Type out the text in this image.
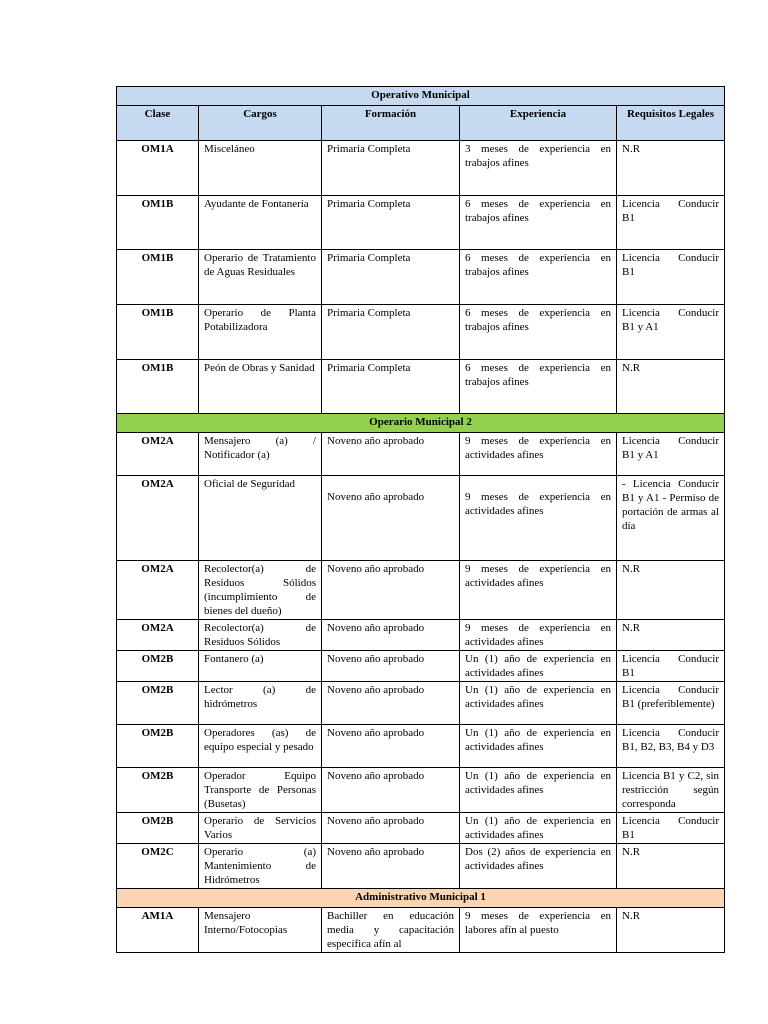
Operativo Municipal				
Clase	Cargos	Formación	Experiencia	Requisitos Legales
OM1A	Misceláneo	Primaria Completa	3 meses de experiencia en trabajos afines	N.R
OM1B	Ayudante de Fontanería	Primaria Completa	6 meses de experiencia en trabajos afines	Licencia Conducir B1
OM1B	Operario de Tratamiento de Aguas Residuales	Primaria Completa	6 meses de experiencia en trabajos afines	Licencia Conducir B1
OM1B	Operario de Planta Potabilizadora	Primaria Completa	6 meses de experiencia en trabajos afines	Licencia Conducir B1 y A1
OM1B	Peón de Obras y Sanidad	Primaria Completa	6 meses de experiencia en trabajos afines	N.R
Operario Municipal 2				
OM2A	Mensajero (a) / Notificador (a)	Noveno año aprobado	9 meses de experiencia en actividades afines	Licencia Conducir B1 y A1
OM2A	Oficial de Seguridad	Noveno año aprobado	9 meses de experiencia en actividades afines	- Licencia Conducir B1 y A1 - Permiso de portación de armas al día
OM2A	Recolector(a) de Residuos Sólidos (incumplimiento de bienes del dueño)	Noveno año aprobado	9 meses de experiencia en actividades afines	N.R
OM2A	Recolector(a) de Residuos Sólidos	Noveno año aprobado	9 meses de experiencia en actividades afines	N.R
OM2B	Fontanero (a)	Noveno año aprobado	Un (1) año de experiencia en actividades afines	Licencia Conducir B1
OM2B	Lector (a) de hidrómetros	Noveno año aprobado	Un (1) año de experiencia en actividades afines	Licencia Conducir B1 (preferiblemente)
OM2B	Operadores (as) de equipo especial y pesado	Noveno año aprobado	Un (1) año de experiencia en actividades afines	Licencia Conducir B1, B2, B3, B4 y D3
OM2B	Operador Equipo Transporte de Personas (Busetas)	Noveno año aprobado	Un (1) año de experiencia en actividades afines	Licencia B1 y C2, sin restricción según corresponda
OM2B	Operario de Servicios Varios	Noveno año aprobado	Un (1) año de experiencia en actividades afines	Licencia Conducir B1
OM2C	Operario (a) Mantenimiento de Hidrómetros	Noveno año aprobado	Dos (2) años de experiencia en actividades afines	N.R
Administrativo Municipal 1				
AM1A	Mensajero Interno/Fotocopias	Bachiller en educación media y capacitación específica afín al	9 meses de experiencia en labores afín al puesto	N.R
